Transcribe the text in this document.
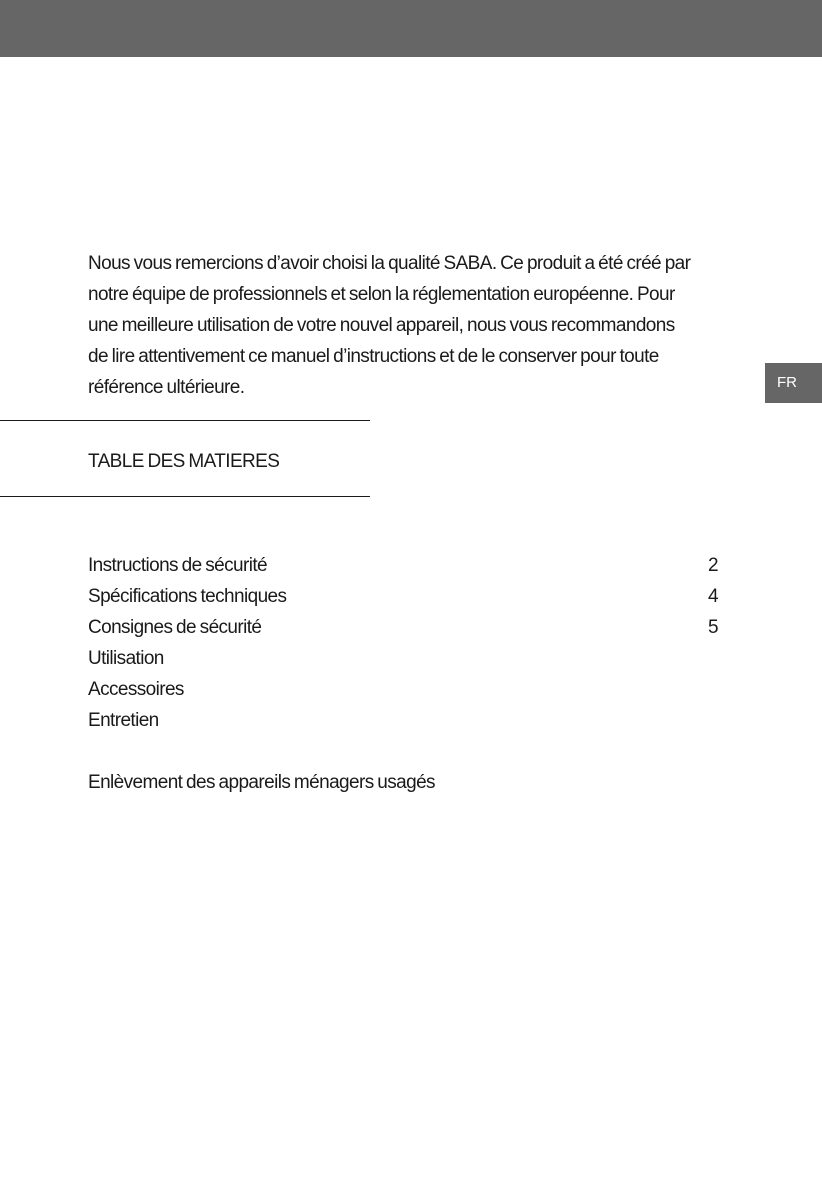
FR
Nous vous remercions d’avoir choisi la qualité SABA. Ce produit a été créé par
notre équipe de professionnels et selon la réglementation européenne. Pour
une meilleure utilisation de votre nouvel appareil, nous vous recommandons
de lire attentivement ce manuel d’instructions et de le conserver pour toute
référence ultérieure.
TABLE DES MATIERES
Instructions de sécurité	2
Spécifications techniques	4
Consignes de sécurité	5
Utilisation
Accessoires
Entretien
Enlèvement des appareils ménagers usagés
